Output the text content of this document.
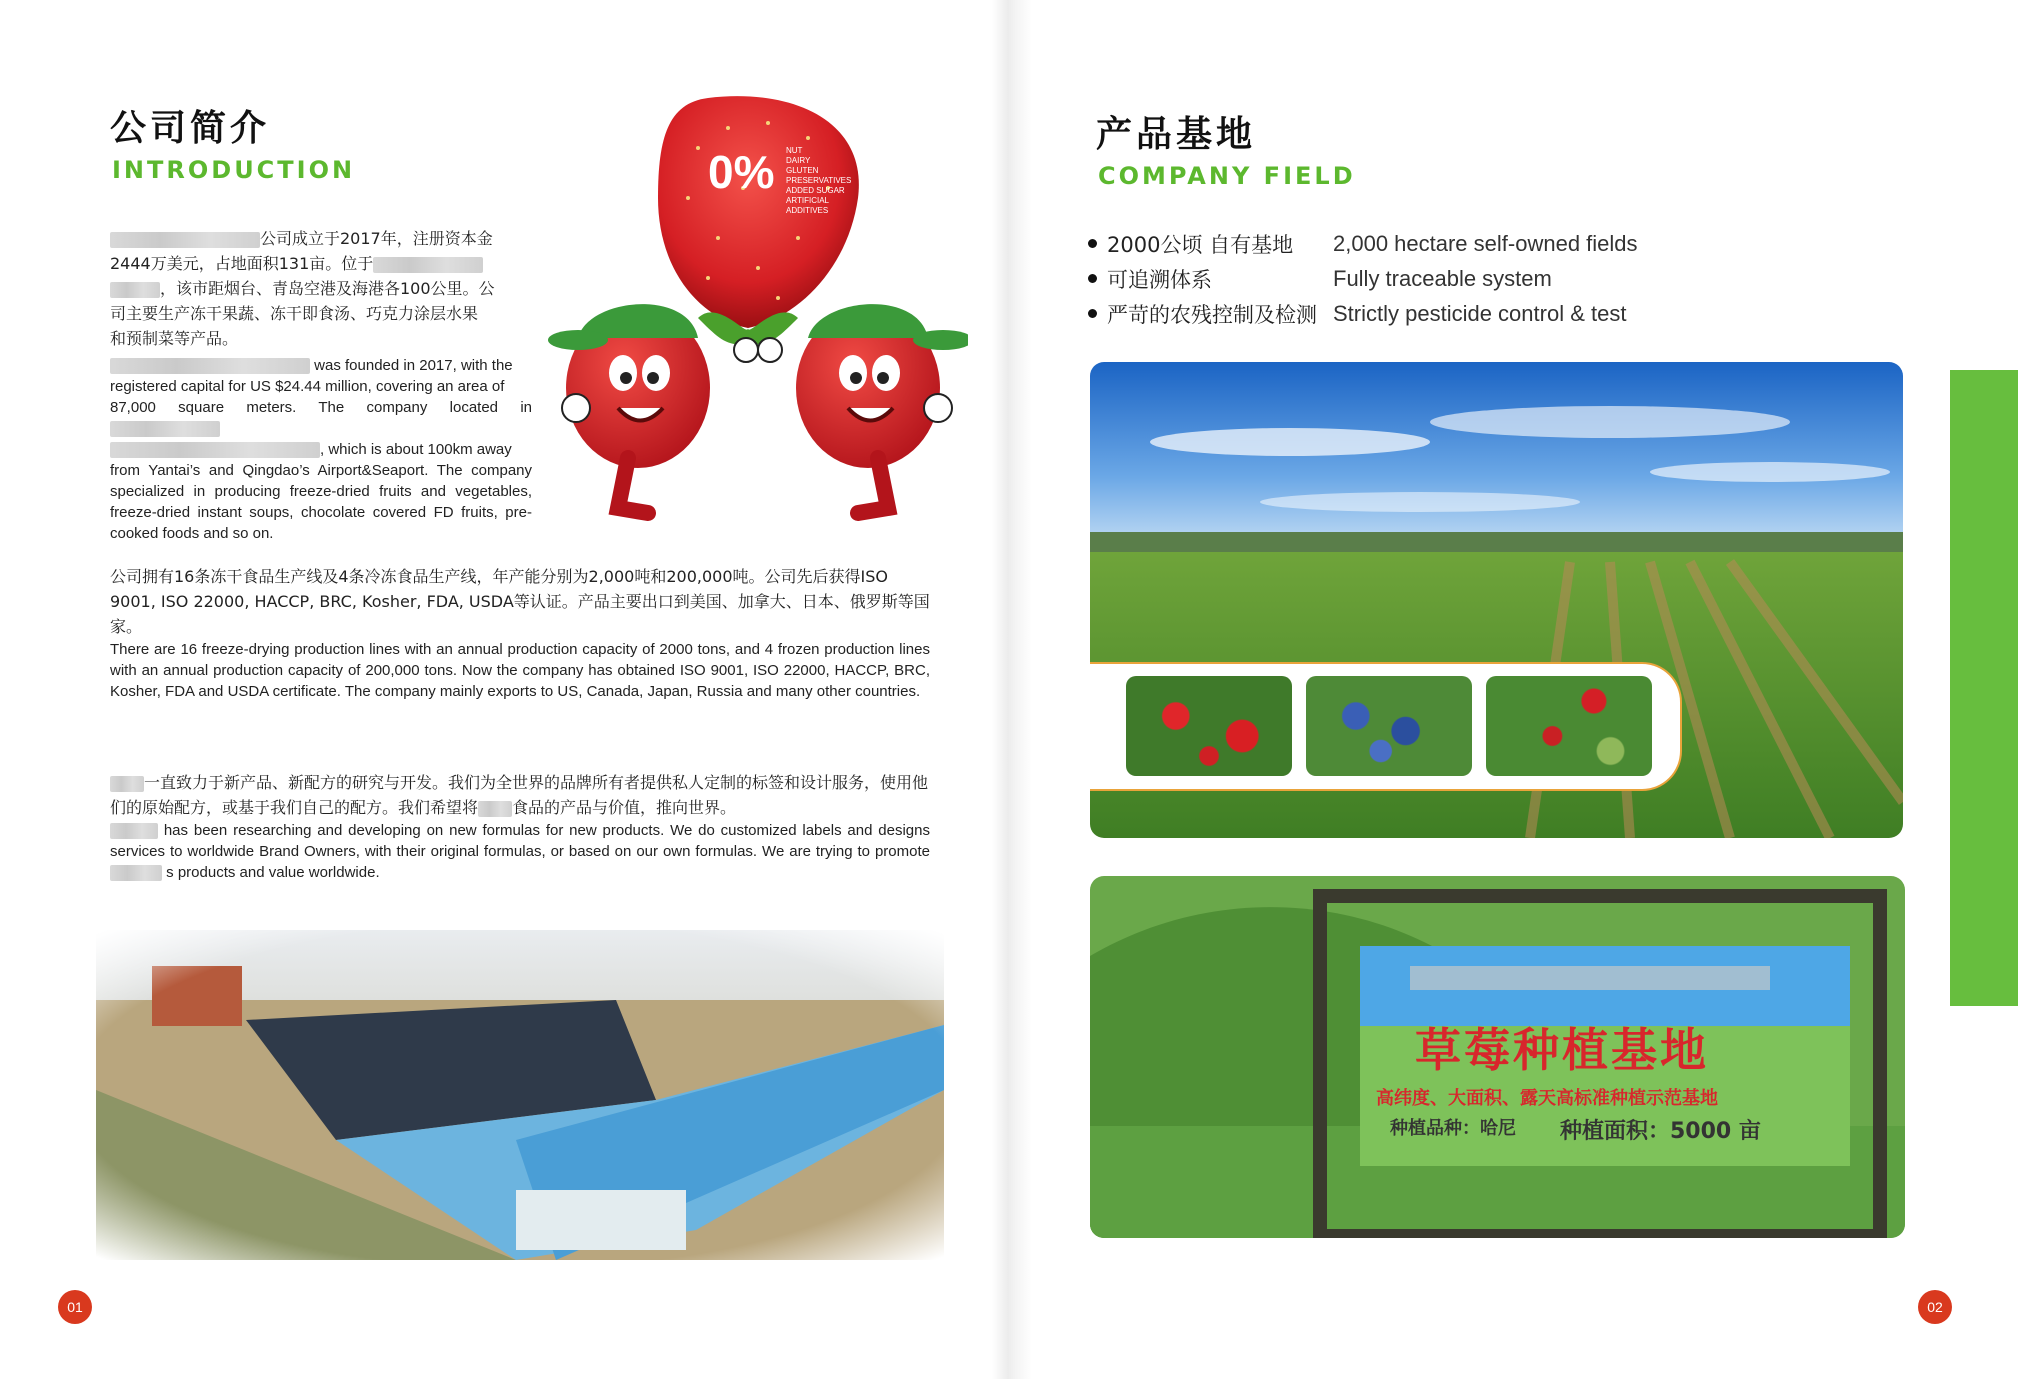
公司简介
INTRODUCTION
公司成立于2017年，注册资本金
2444万美元，占地面积131亩。位于
，该市距烟台、青岛空港及海港各100公里。公
司主要生产冻干果蔬、冻干即食汤、巧克力涂层水果
和预制菜等产品。
was founded in 2017, with the
registered capital for US $24.44 million, covering an area of
87,000 square meters. The company located in
, which is about 100km away
from Yantai’s and Qingdao’s Airport&Seaport. The company specialized in producing freeze-dried fruits and vegetables, freeze-dried instant soups, chocolate covered FD fruits, pre-cooked foods and so on.
0% NUT
DAIRY
GLUTEN
PRESERVATIVES
ADDED SUGAR
ARTIFICIAL
ADDITIVES
公司拥有16条冻干食品生产线及4条冷冻食品生产线，年产能分别为2,000吨和200,000吨。公司先后获得ISO 9001, ISO 22000, HACCP, BRC, Kosher, FDA, USDA等认证。产品主要出口到美国、加拿大、日本、俄罗斯等国家。
There are 16 freeze-drying production lines with an annual production capacity of 2000 tons, and 4 frozen production lines with an annual production capacity of 200,000 tons. Now the company has obtained ISO 9001, ISO 22000, HACCP, BRC, Kosher, FDA and USDA certificate. The company mainly exports to US, Canada, Japan, Russia and many other countries.
一直致力于新产品、新配方的研究与开发。我们为全世界的品牌所有者提供私人定制的标签和设计服务，使用他们的原始配方，或基于我们自己的配方。我们希望将 食品的产品与价值，推向世界。
has been researching and developing on new formulas for new products. We do customized labels and designs services to worldwide Brand Owners, with their original formulas, or based on our own formulas. We are trying to promote  s products and value worldwide.
01
产品基地
COMPANY FIELD
2000公顷 自有基地	2,000 hectare self-owned fields
可追溯体系	Fully traceable system
严苛的农残控制及检测 Strictly pesticide control & test
草莓种植基地
高纬度、大面积、露天高标准种植示范基地
种植品种：哈尼 种植面积：5000 亩
02
